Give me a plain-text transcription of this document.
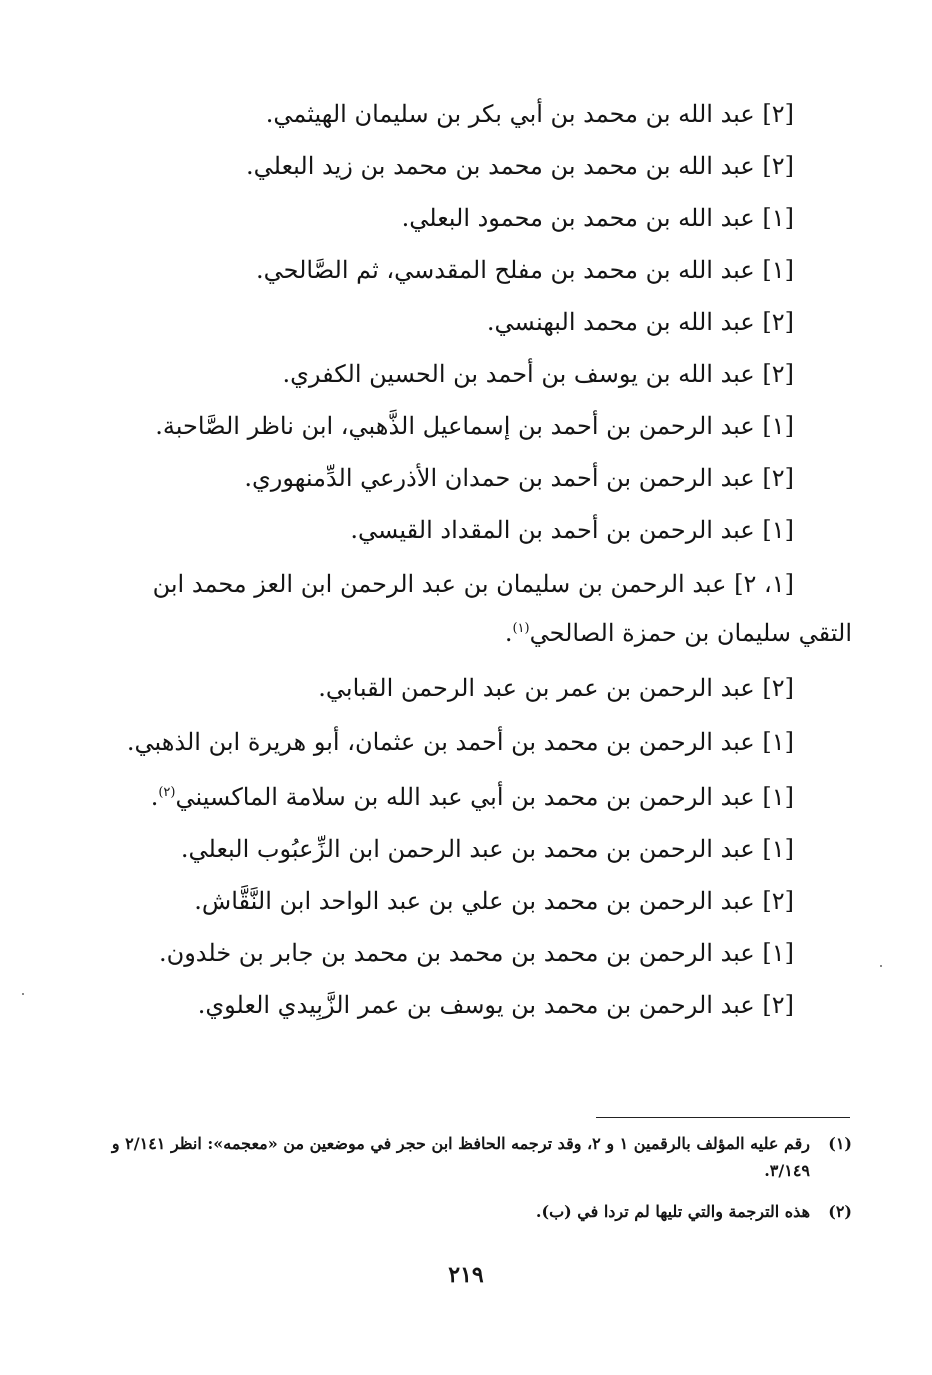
[٢] عبد الله بن محمد بن أبي بكر بن سليمان الهيثمي.

[٢] عبد الله بن محمد بن محمد بن محمد بن زيد البعلي.

[١] عبد الله بن محمد بن محمود البعلي.

[١] عبد الله بن محمد بن مفلح المقدسي، ثم الصَّالحي.

[٢] عبد الله بن محمد البهنسي.

[٢] عبد الله بن يوسف بن أحمد بن الحسين الكفري.

[١] عبد الرحمن بن أحمد بن إسماعيل الذَّهبي، ابن ناظر الصَّاحبة.

[٢] عبد الرحمن بن أحمد بن حمدان الأذرعي الدِّمنهوري.

[١] عبد الرحمن بن أحمد بن المقداد القيسي.

[١، ٢] عبد الرحمن بن سليمان بن عبد الرحمن ابن العز محمد ابن التقي سليمان بن حمزة الصالحي$^{(١)}$.

[٢] عبد الرحمن بن عمر بن عبد الرحمن القبابي.

[١] عبد الرحمن بن محمد بن أحمد بن عثمان، أبو هريرة ابن الذهبي.

[١] عبد الرحمن بن محمد بن أبي عبد الله بن سلامة الماكسيني$^{(٢)}$.

[١] عبد الرحمن بن محمد بن عبد الرحمن ابن الزِّعبُوب البعلي.

[٢] عبد الرحمن بن محمد بن علي بن عبد الواحد ابن النَّقَّاش.

[١] عبد الرحمن بن محمد بن محمد بن محمد بن جابر بن خلدون.

[٢] عبد الرحمن بن محمد بن يوسف بن عمر الزَّبِيدي العلوي.

(١)رقم عليه المؤلف بالرقمين ١ و ٢، وقد ترجمه الحافظ ابن حجر في موضعين من «معجمه»: انظر ٢/١٤١ و ٣/١٤٩.

(٢)هذه الترجمة والتي تليها لم تردا في (ب).

٢١٩
